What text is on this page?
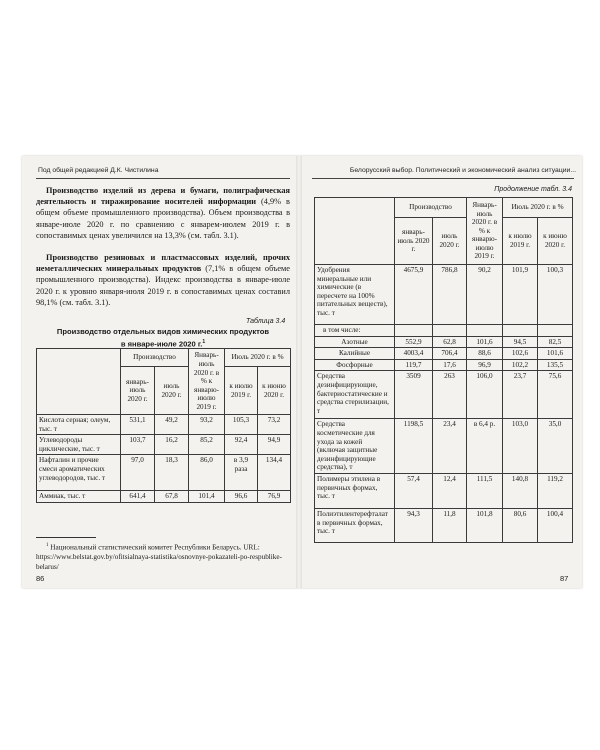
Под общей редакцией Д.К. Чистилина

Производство изделий из дерева и бумаги, полиграфическая деятельность и тиражирование носителей информации (4,9% в общем объеме промышленного производства). Объем производства в январе-июле 2020 г. по сравнению с январем-июлем 2019 г. в сопоставимых ценах увеличился на 13,3% (см. табл. 3.1).

Производство резиновых и пластмассовых изделий, прочих неметаллических минеральных продуктов (7,1% в общем объеме промышленного производства). Индекс производства в январе-июле 2020 г. к уровню января-июля 2019 г. в сопоставимых ценах составил 98,1% (см. табл. 3.1).

Таблица 3.4
Производство отдельных видов химических продуктов
в январе-июле 2020 г.$^1$
	Производство		Январь-июль 2020 г. в % к январю-июлю 2019 г.	Июль 2020 г. в %	
	январь-июль 2020 г.	июль 2020 г.		к июлю 2019 г.	к июню 2020 г.
Кислота серная; олеум, тыс. т	531,1	49,2	93,2	105,3	73,2
Углеводороды циклические, тыс. т	103,7	16,2	85,2	92,4	94,9
Нафталин и прочие смеси ароматических углеводородов, тыс. т	97,0	18,3	86,0	в 3,9 раза	134,4
Аммиак, тыс. т	641,4	67,8	101,4	96,6	76,9

$^1$ Национальный статистический комитет Республики Беларусь. URL: https://www.belstat.gov.by/ofitsialnaya-statistika/osnovnye-pokazateli-po-respublike-belarus/

86
Белорусский выбор. Политический и экономический анализ ситуации...
Продолжение табл. 3.4
	Производство		Январь-июль 2020 г. в % к январю-июлю 2019 г.	Июль 2020 г. в %	
	январь-июль 2020 г.	июль 2020 г.		к июлю 2019 г.	к июню 2020 г.
Удобрения минеральные или химические (в пересчете на 100% питательных веществ), тыс. т	4675,9	786,8	90,2	101,9	100,3
в том числе:					
Азотные	552,9	62,8	101,6	94,5	82,5
Калийные	4003,4	706,4	88,6	102,6	101,6
Фосфорные	119,7	17,6	96,9	102,2	135,5
Средства дезинфицирующие, бактериостатические и средства стерилизации, т	3509	263	106,0	23,7	75,6
Средства косметические для ухода за кожей (включая защитные дезинфицирующие средства), т	1198,5	23,4	в 6,4 р.	103,0	35,0
Полимеры этилена в первичных формах, тыс. т	57,4	12,4	111,5	140,8	119,2
Полиэтилентерефталат в первичных формах, тыс. т	94,3	11,8	101,8	80,6	100,4
87
